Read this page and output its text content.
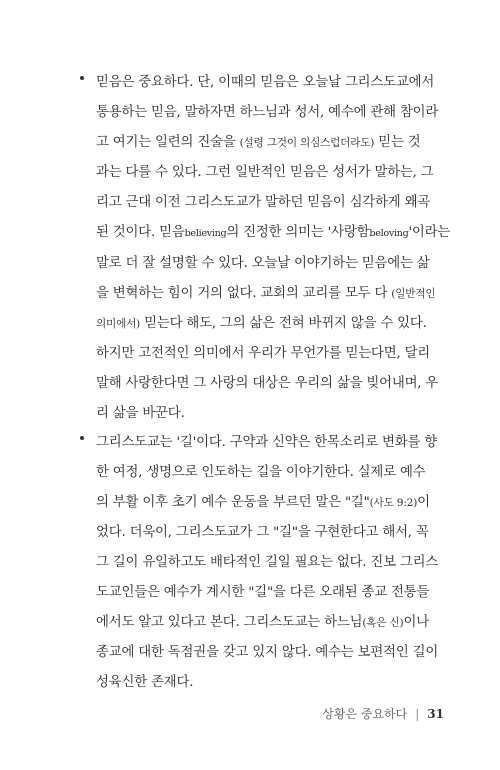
믿음은 중요하다. 단, 이때의 믿음은 오늘날 그리스도교에서
통용하는 믿음, 말하자면 하느님과 성서, 예수에 관해 참이라
고 여기는 일련의 진술을 (설령 그것이 의심스럽더라도) 믿는 것
과는 다를 수 있다. 그런 일반적인 믿음은 성서가 말하는, 그
리고 근대 이전 그리스도교가 말하던 믿음이 심각하게 왜곡
된 것이다. 믿음believing의 진정한 의미는 '사랑함beloving'이라는
말로 더 잘 설명할 수 있다. 오늘날 이야기하는 믿음에는 삶
을 변혁하는 힘이 거의 없다. 교회의 교리를 모두 다 (일반적인
의미에서) 믿는다 해도, 그의 삶은 전혀 바뀌지 않을 수 있다.
하지만 고전적인 의미에서 우리가 무언가를 믿는다면, 달리
말해 사랑한다면 그 사랑의 대상은 우리의 삶을 빚어내며, 우
리 삶을 바꾼다.
그리스도교는 '길'이다. 구약과 신약은 한목소리로 변화를 향
한 여정, 생명으로 인도하는 길을 이야기한다. 실제로 예수
의 부활 이후 초기 예수 운동을 부르던 말은 "길"(사도 9:2)이
었다. 더욱이, 그리스도교가 그 "길"을 구현한다고 해서, 꼭
그 길이 유일하고도 배타적인 길일 필요는 없다. 진보 그리스
도교인들은 예수가 계시한 "길"을 다른 오래된 종교 전통들
에서도 알고 있다고 본다. 그리스도교는 하느님(혹은 신)이나
종교에 대한 독점권을 갖고 있지 않다. 예수는 보편적인 길이
성육신한 존재다.
상황은 중요하다 | 31
